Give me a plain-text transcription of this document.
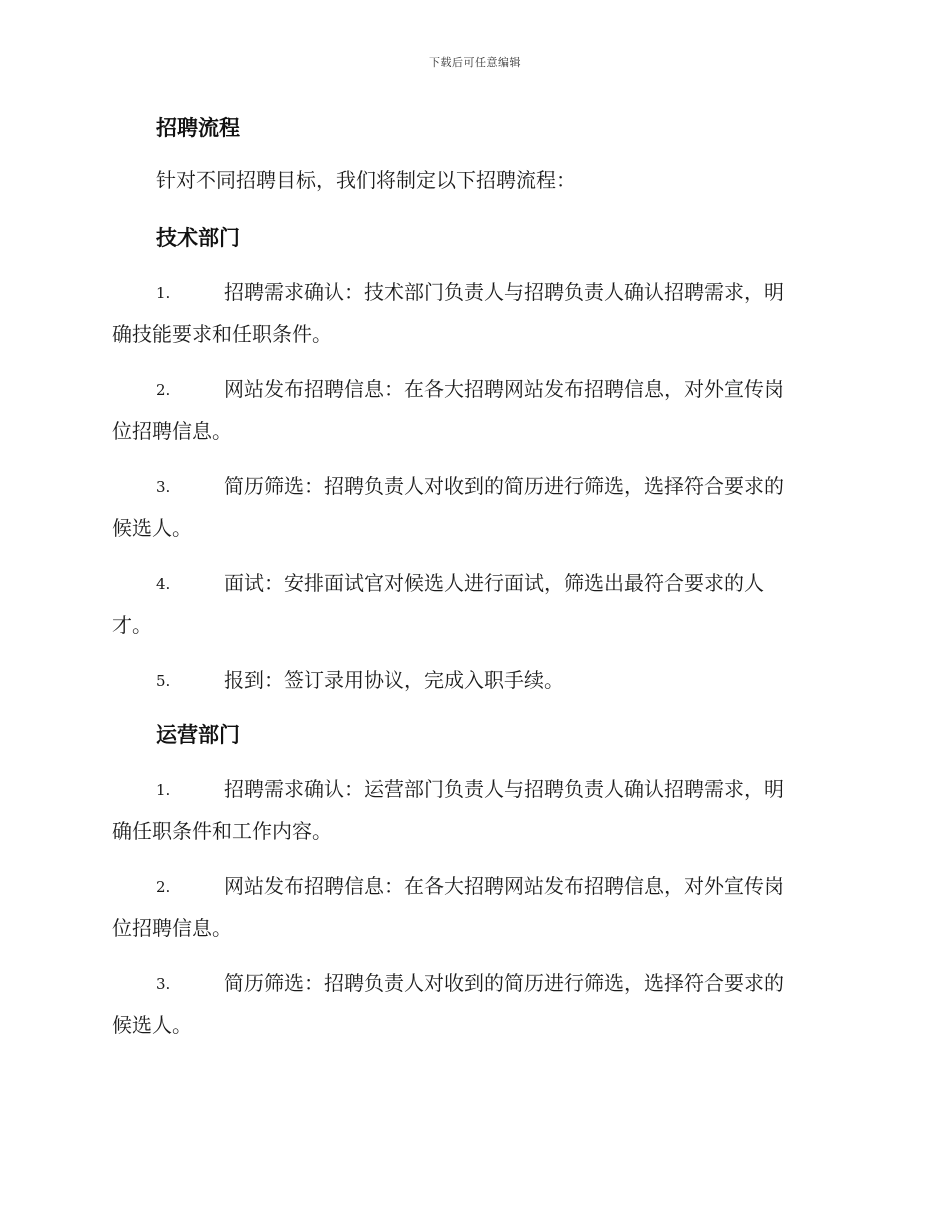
下载后可任意编辑
招聘流程
针对不同招聘目标，我们将制定以下招聘流程：
技术部门
1.	招聘需求确认：技术部门负责人与招聘负责人确认招聘需求，明
确技能要求和任职条件。
2.	网站发布招聘信息：在各大招聘网站发布招聘信息，对外宣传岗
位招聘信息。
3.	简历筛选：招聘负责人对收到的简历进行筛选，选择符合要求的
候选人。
4.	面试：安排面试官对候选人进行面试，筛选出最符合要求的人
才。
5.	报到：签订录用协议，完成入职手续。
运营部门
1.	招聘需求确认：运营部门负责人与招聘负责人确认招聘需求，明
确任职条件和工作内容。
2.	网站发布招聘信息：在各大招聘网站发布招聘信息，对外宣传岗
位招聘信息。
3.	简历筛选：招聘负责人对收到的简历进行筛选，选择符合要求的
候选人。
